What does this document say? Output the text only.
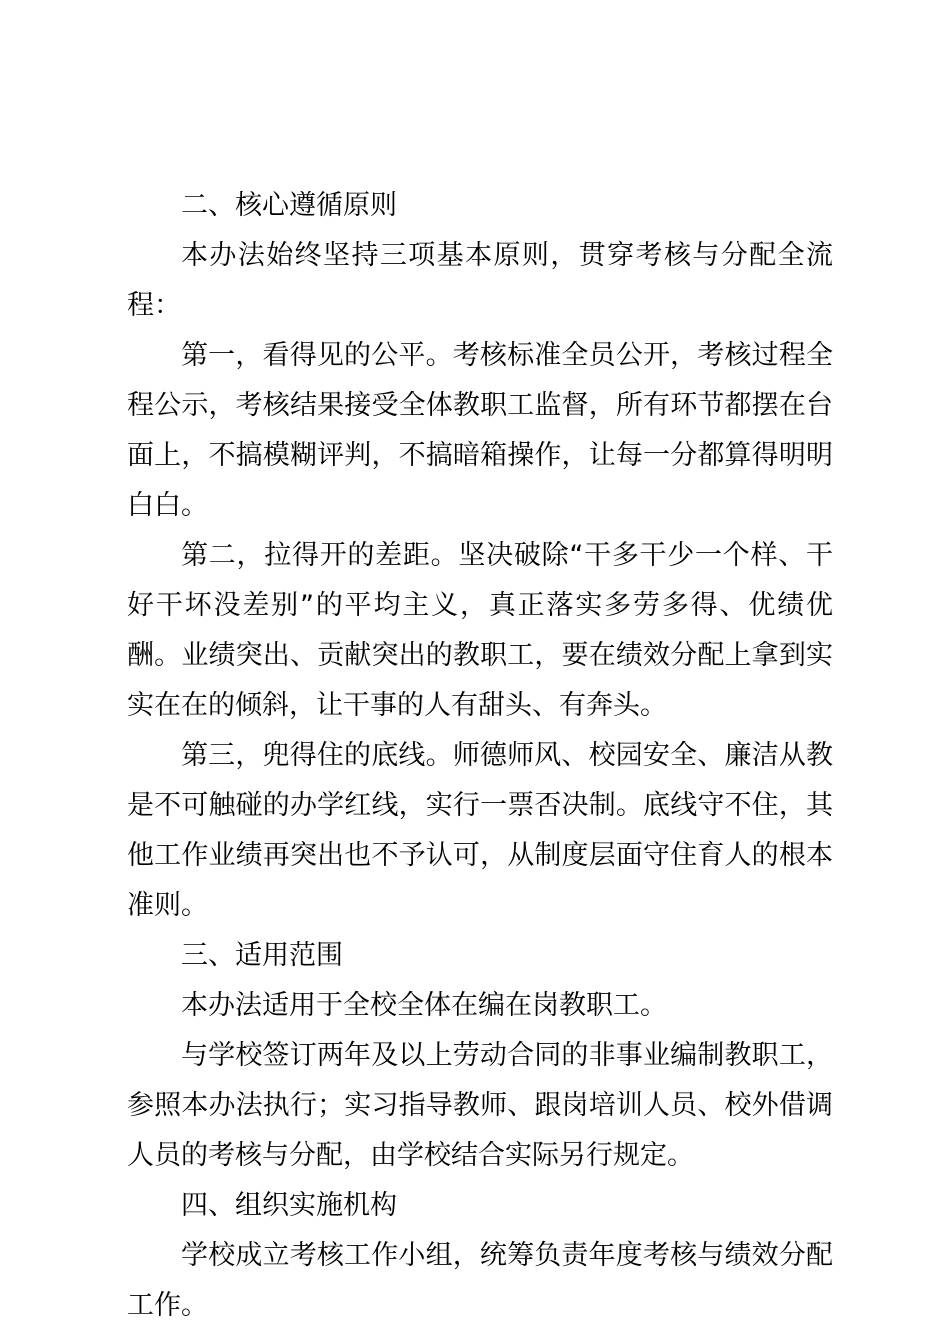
二、核心遵循原则

本办法始终坚持三项基本原则，贯穿考核与分配全流程：

第一，看得见的公平。考核标准全员公开，考核过程全程公示，考核结果接受全体教职工监督，所有环节都摆在台面上，不搞模糊评判，不搞暗箱操作，让每一分都算得明明白白。

第二，拉得开的差距。坚决破除“干多干少一个样、干好干坏没差别”的平均主义，真正落实多劳多得、优绩优酬。业绩突出、贡献突出的教职工，要在绩效分配上拿到实实在在的倾斜，让干事的人有甜头、有奔头。

第三，兜得住的底线。师德师风、校园安全、廉洁从教是不可触碰的办学红线，实行一票否决制。底线守不住，其他工作业绩再突出也不予认可，从制度层面守住育人的根本准则。

三、适用范围

本办法适用于全校全体在编在岗教职工。

与学校签订两年及以上劳动合同的非事业编制教职工，参照本办法执行；实习指导教师、跟岗培训人员、校外借调人员的考核与分配，由学校结合实际另行规定。

四、组织实施机构

学校成立考核工作小组，统筹负责年度考核与绩效分配工作。
